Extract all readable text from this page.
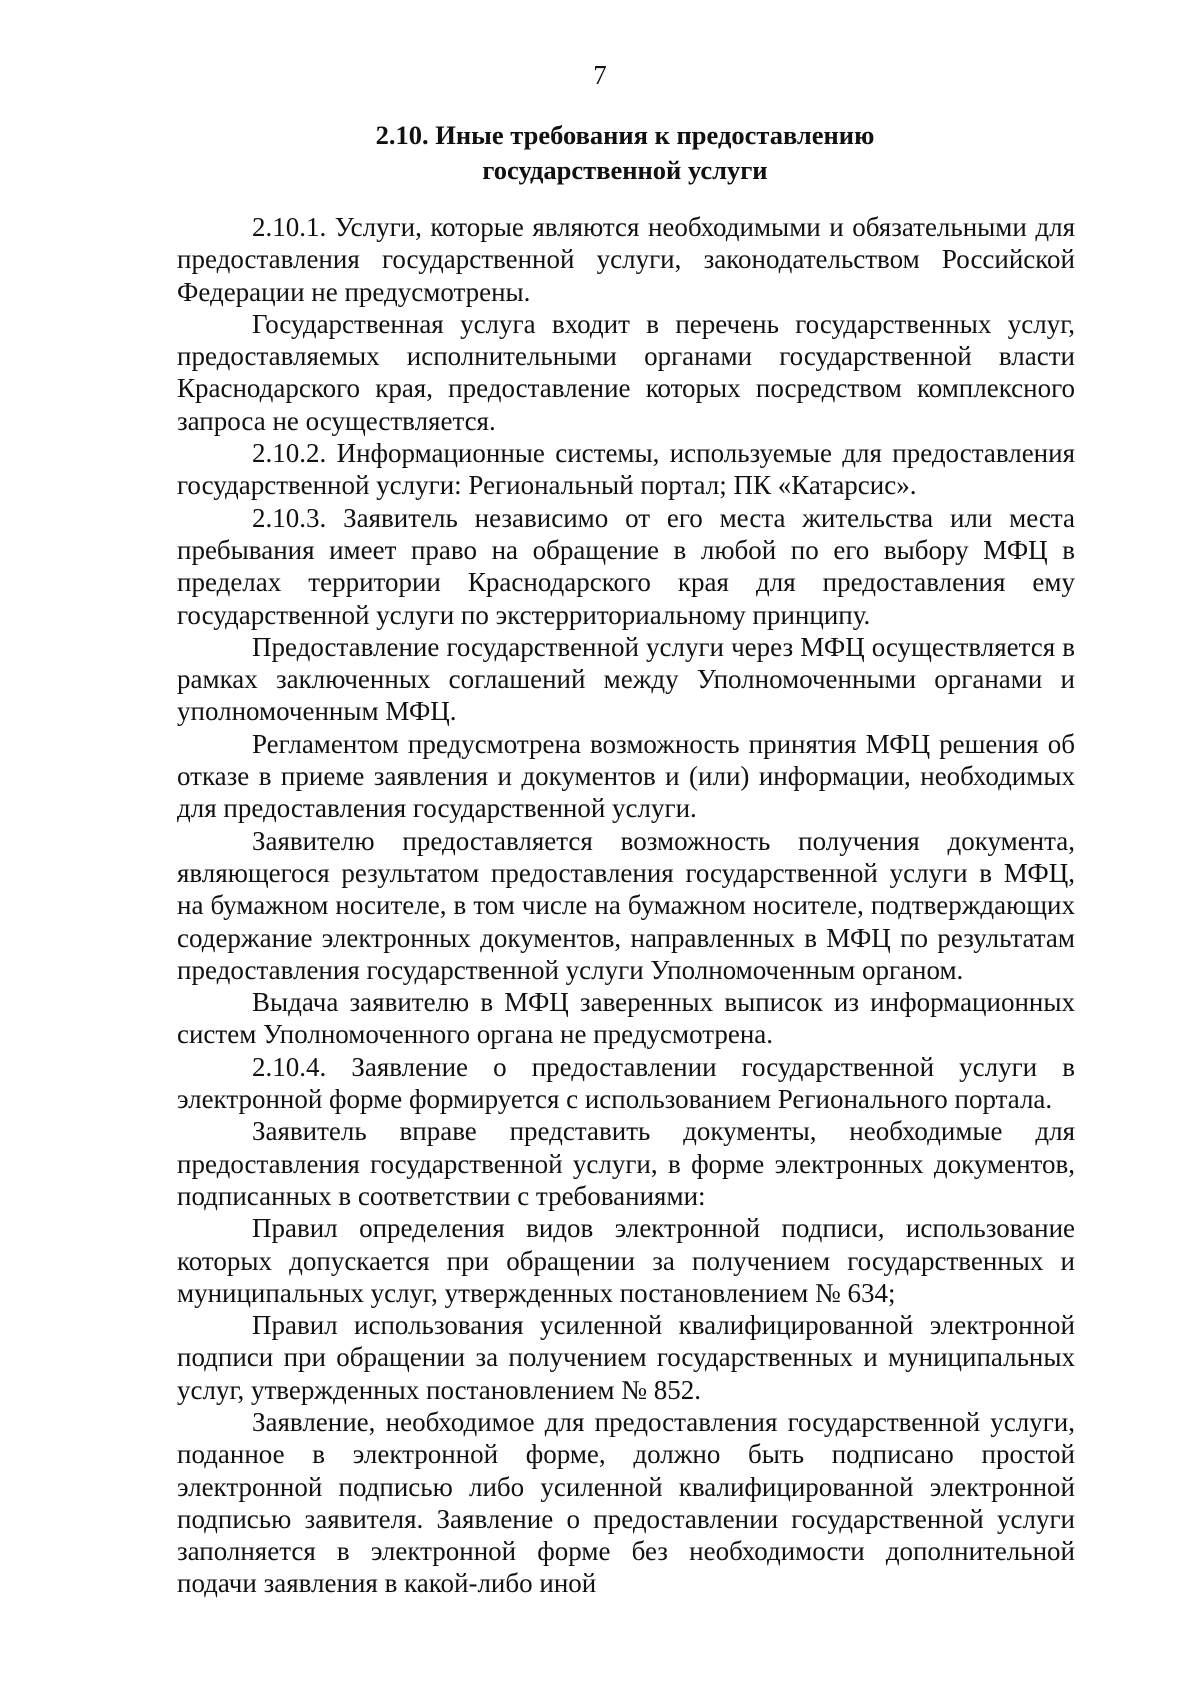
7
2.10. Иные требования к предоставлению
государственной услуги

2.10.1. Услуги, которые являются необходимыми и обязательными для предоставления государственной услуги, законодательством Российской Федерации не предусмотрены.

Государственная услуга входит в перечень государственных услуг, предоставляемых исполнительными органами государственной власти Краснодарского края, предоставление которых посредством комплексного запроса не осуществляется.

2.10.2. Информационные системы, используемые для предоставления государственной услуги: Региональный портал; ПК «Катарсис».

2.10.3. Заявитель независимо от его места жительства или места пребывания имеет право на обращение в любой по его выбору МФЦ в пределах территории Краснодарского края для предоставления ему государственной услуги по экстерриториальному принципу.

Предоставление государственной услуги через МФЦ осуществляется в рамках заключенных соглашений между Уполномоченными органами и уполномоченным МФЦ.

Регламентом предусмотрена возможность принятия МФЦ решения об отказе в приеме заявления и документов и (или) информации, необходимых для предоставления государственной услуги.

Заявителю предоставляется возможность получения документа, являющегося результатом предоставления государственной услуги в МФЦ, на бумажном носителе, в том числе на бумажном носителе, подтверждающих содержание электронных документов, направленных в МФЦ по результатам предоставления государственной услуги Уполномоченным органом.

Выдача заявителю в МФЦ заверенных выписок из информационных систем Уполномоченного органа не предусмотрена.

2.10.4. Заявление о предоставлении государственной услуги в электронной форме формируется с использованием Регионального портала.

Заявитель вправе представить документы, необходимые для предоставления государственной услуги, в форме электронных документов, подписанных в соответствии с требованиями:

Правил определения видов электронной подписи, использование которых допускается при обращении за получением государственных и муниципальных услуг, утвержденных постановлением № 634;

Правил использования усиленной квалифицированной электронной подписи при обращении за получением государственных и муниципальных услуг, утвержденных постановлением № 852.

Заявление, необходимое для предоставления государственной услуги, поданное в электронной форме, должно быть подписано простой электронной подписью либо усиленной квалифицированной электронной подписью заявителя. Заявление о предоставлении государственной услуги заполняется в электронной форме без необходимости дополнительной подачи заявления в какой-либо иной
